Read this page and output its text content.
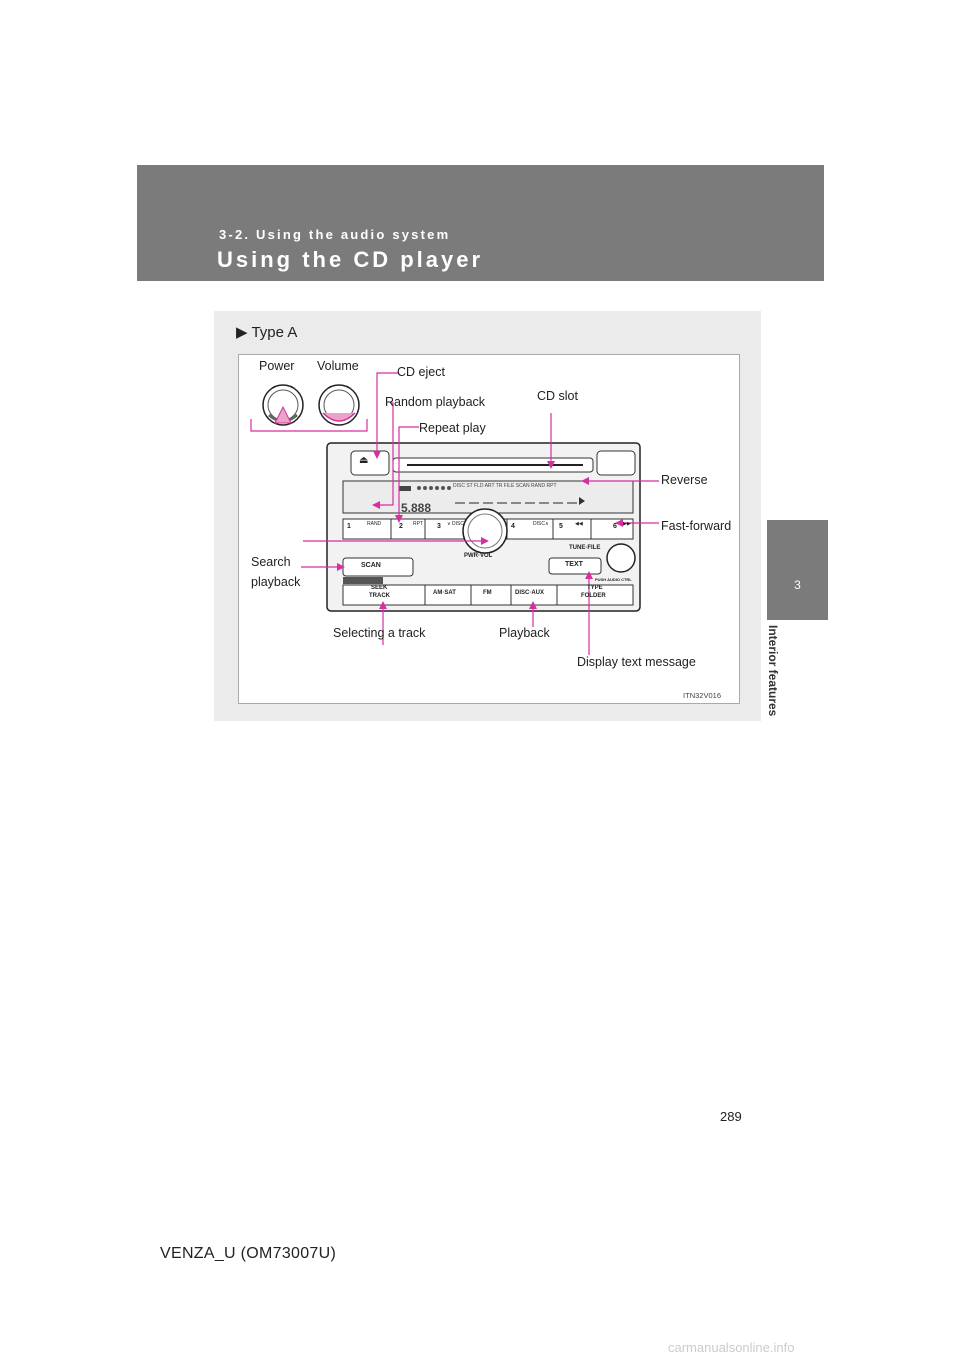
3-2. Using the audio system
Using the CD player
3
Interior features
▶ Type A
⏏
5.888
DISC ST FLD ART TR FILE SCAN RAND RPT
1	RAND	2 RPT 3 ∨ DISC	4	DISC∧ 5 ◀◀	6 ▶▶
PWR·VOL
TUNE·FILE
SCAN	TEXT
PUSH AUDIO CTRL
SEEK
TRACK	AM·SAT	FM	DISC·AUX
TYPE
FOLDER
Power Volume	CD eject
Random playback
Repeat play
CD slot
Reverse
Fast-forward
Search
playback
Selecting a track	Playback
Display text message
ITN32V016
289
VENZA_U (OM73007U)
carmanualsonline.info
